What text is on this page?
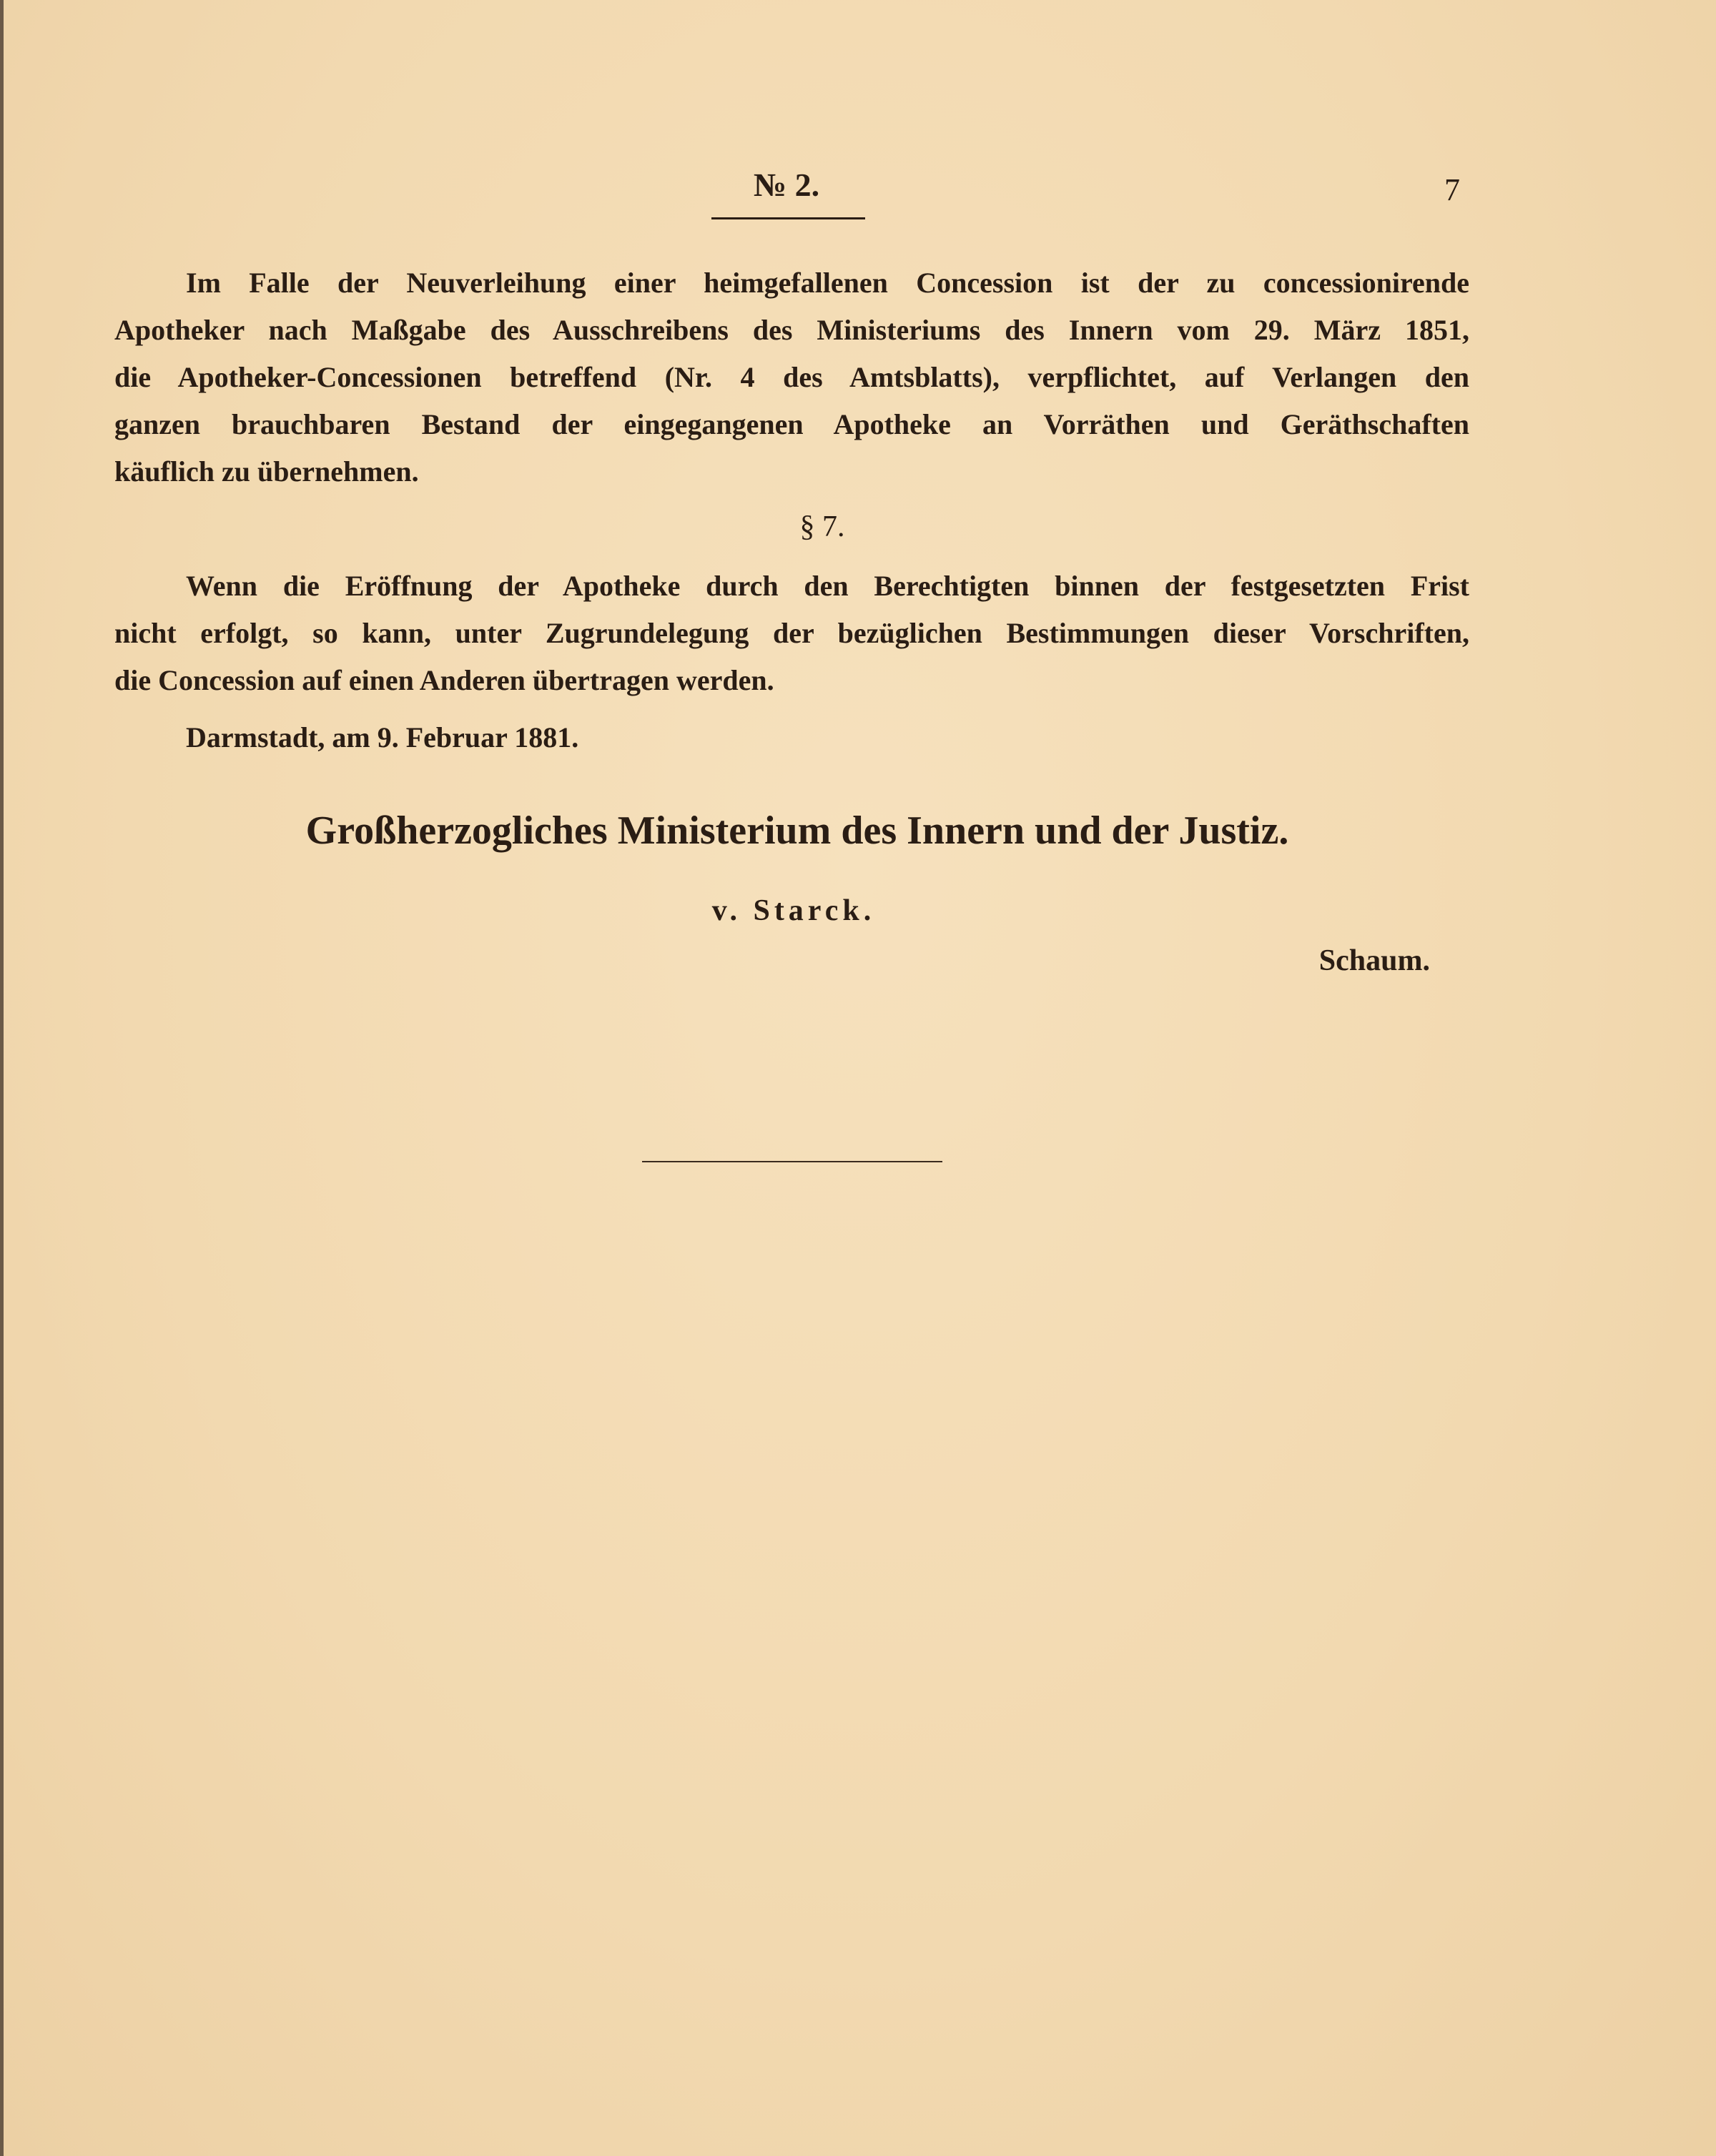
№ 2.	7
Im Falle der Neuverleihung einer heimgefallenen Concession ist der zu concessionirende
Apotheker nach Maßgabe des Ausschreibens des Ministeriums des Innern vom 29. März 1851,
die Apotheker-Concessionen betreffend (Nr. 4 des Amtsblatts), verpflichtet, auf Verlangen den
ganzen brauchbaren Bestand der eingegangenen Apotheke an Vorräthen und Geräthschaften
käuflich zu übernehmen.
§ 7.
Wenn die Eröffnung der Apotheke durch den Berechtigten binnen der festgesetzten Frist
nicht erfolgt, so kann, unter Zugrundelegung der bezüglichen Bestimmungen dieser Vorschriften,
die Concession auf einen Anderen übertragen werden.
Darmstadt, am 9. Februar 1881.
Großherzogliches Ministerium des Innern und der Justiz.
v. Starck.
Schaum.
